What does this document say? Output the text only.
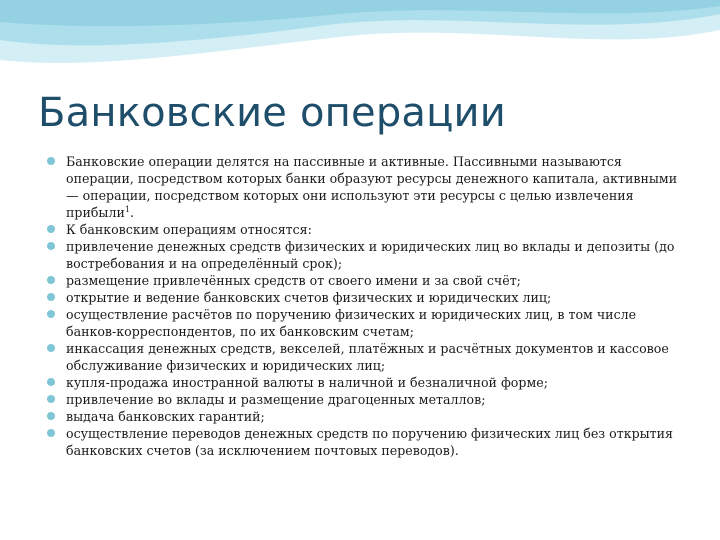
Банковские операции
Банковские операции делятся на пассивные и активные. Пассивными называются операции, посредством которых банки образуют ресурсы денежного капитала, активными — операции, посредством которых они используют эти ресурсы с целью извлечения прибыли$^1$.
К банковским операциям относятся:
привлечение денежных средств физических и юридических лиц во вклады и депозиты (до востребования и на определённый срок);
размещение привлечённых средств от своего имени и за свой счёт;
открытие и ведение банковских счетов физических и юридических лиц;
осуществление расчётов по поручению физических и юридических лиц, в том числе банков-корреспондентов, по их банковским счетам;
инкассация денежных средств, векселей, платёжных и расчётных документов и кассовое обслуживание физических и юридических лиц;
купля-продажа иностранной валюты в наличной и безналичной форме;
привлечение во вклады и размещение драгоценных металлов;
выдача банковских гарантий;
осуществление переводов денежных средств по поручению физических лиц без открытия банковских счетов (за исключением почтовых переводов).
